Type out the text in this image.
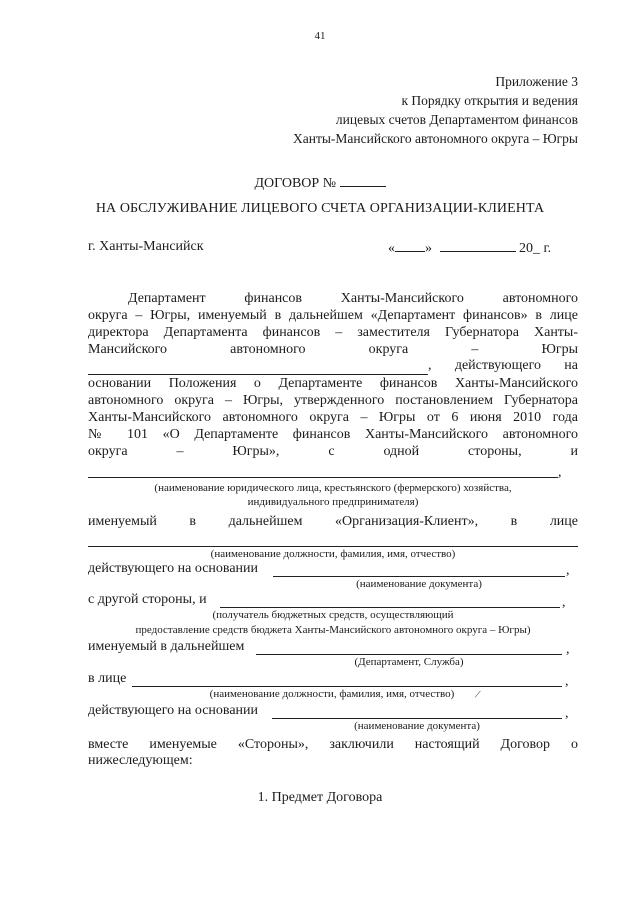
41
Приложение 3
к Порядку открытия и ведения
лицевых счетов Департаментом финансов
Ханты-Мансийского автономного округа – Югры
ДОГОВОР №
НА ОБСЛУЖИВАНИЕ ЛИЦЕВОГО СЧЕТА ОРГАНИЗАЦИИ-КЛИЕНТА
г. Ханты-Мансийск	« »	20_ г.
Департамент финансов Ханты-Мансийского автономного
округа – Югры, именуемый в дальнейшем «Департамент финансов» в лице
директора Департамента финансов – заместителя Губернатора Ханты-
Мансийского автономного округа – Югры
, действующего на
основании Положения о Департаменте финансов Ханты-Мансийского
автономного округа – Югры, утвержденного постановлением Губернатора
Ханты-Мансийского автономного округа – Югры от 6 июня 2010 года
№ 101 «О Департаменте финансов Ханты-Мансийского автономного
округа – Югры», с одной стороны, и
,
(наименование юридического лица, крестьянского (фермерского) хозяйства,
индивидуального предпринимателя)
именуемый в дальнейшем «Организация-Клиент», в лице
(наименование должности, фамилия, имя, отчество)
действующего на основании	,
(наименование документа)
с другой стороны, и	,
(получатель бюджетных средств, осуществляющий
предоставление средств бюджета Ханты-Мансийского автономного округа – Югры)
именуемый в дальнейшем	,
(Департамент, Служба)
в лице	,
(наименование должности, фамилия, имя, отчество)	/
действующего на основании	,
(наименование документа)
вместе именуемые «Стороны», заключили настоящий Договор о
нижеследующем:
1. Предмет Договора
